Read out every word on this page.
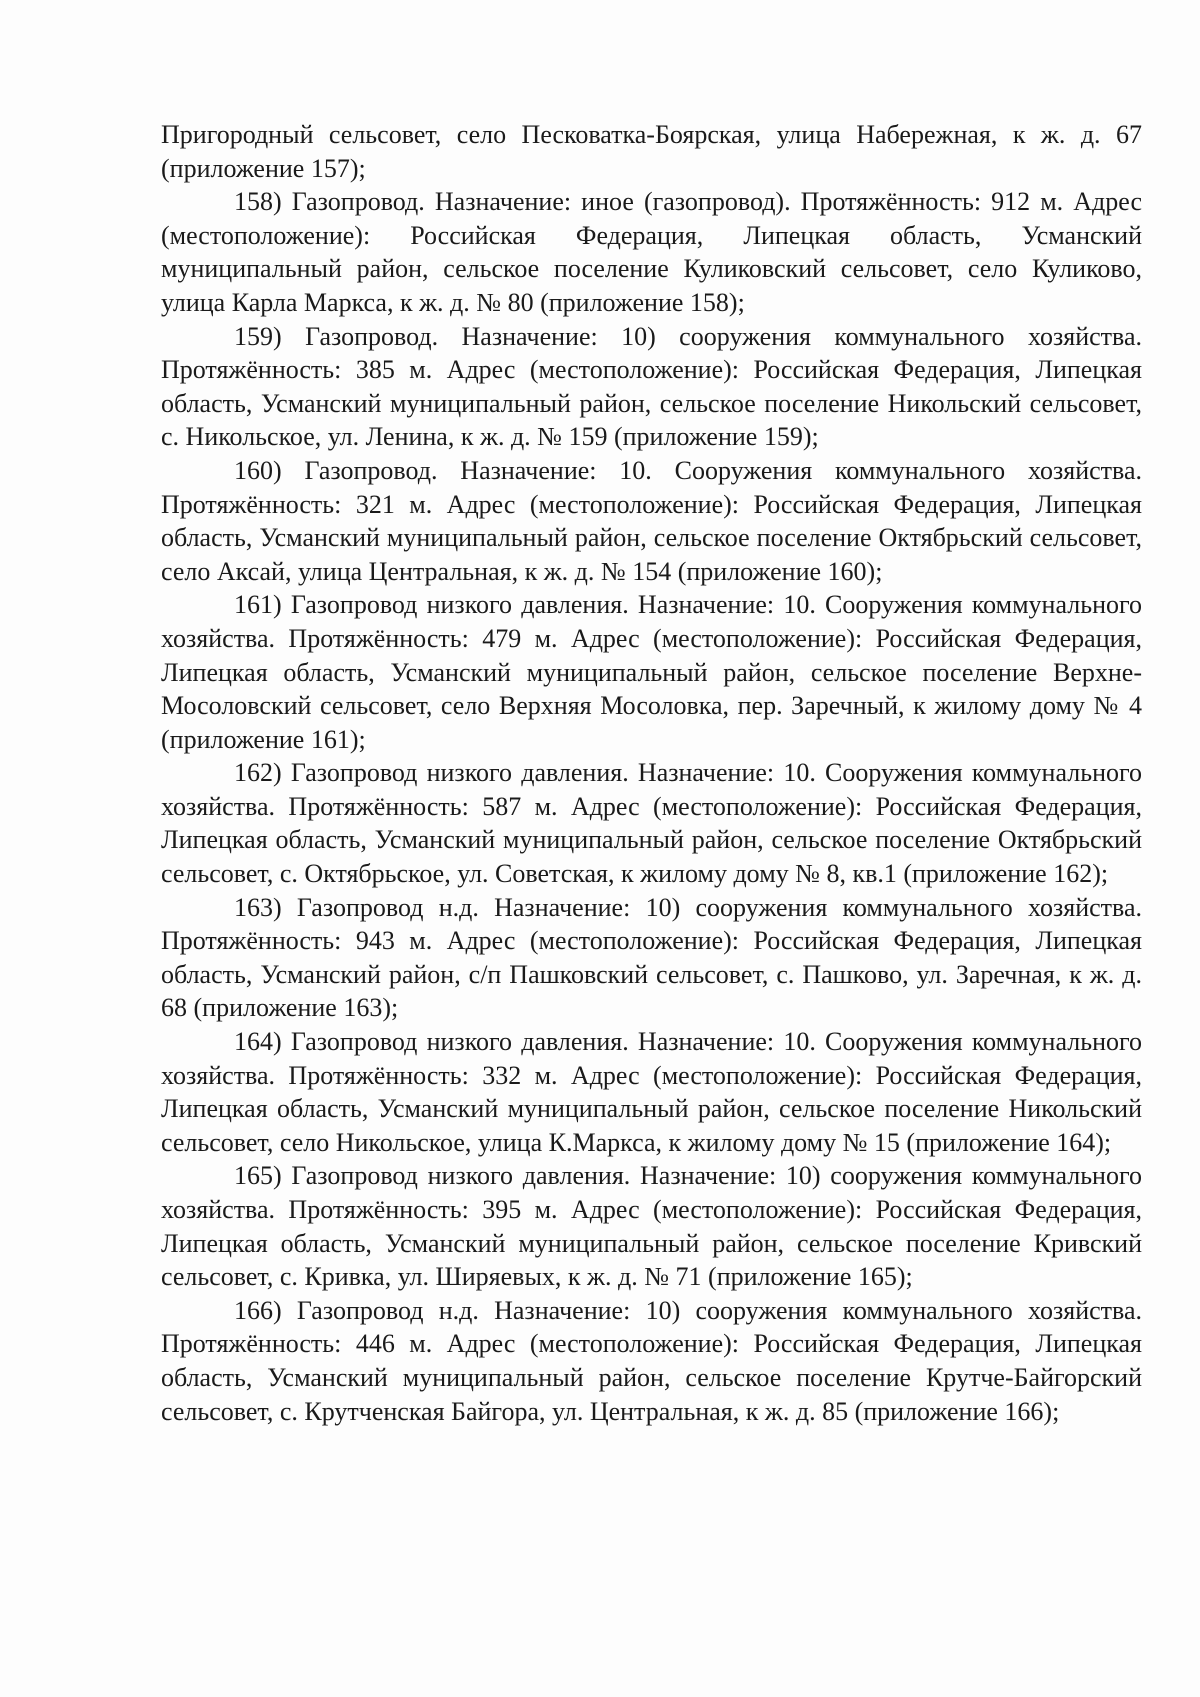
Пригородный сельсовет, село Песковатка-Боярская, улица Набережная, к ж. д. 67 (приложение 157);

158) Газопровод. Назначение: иное (газопровод). Протяжённость: 912 м. Адрес (местоположение): Российская Федерация, Липецкая область, Усманский муниципальный район, сельское поселение Куликовский сельсовет, село Куликово, улица Карла Маркса, к ж. д. № 80 (приложение 158);

159) Газопровод. Назначение: 10) сооружения коммунального хозяйства. Протяжённость: 385 м. Адрес (местоположение): Российская Федерация, Липецкая область, Усманский муниципальный район, сельское поселение Никольский сельсовет, с. Никольское, ул. Ленина, к ж. д. № 159 (приложение 159);

160) Газопровод. Назначение: 10. Сооружения коммунального хозяйства. Протяжённость: 321 м. Адрес (местоположение): Российская Федерация, Липецкая область, Усманский муниципальный район, сельское поселение Октябрьский сельсовет, село Аксай, улица Центральная, к ж. д. № 154 (приложение 160);

161) Газопровод низкого давления. Назначение: 10. Сооружения коммунального хозяйства. Протяжённость: 479 м. Адрес (местоположение): Российская Федерация, Липецкая область, Усманский муниципальный район, сельское поселение Верхне-Мосоловский сельсовет, село Верхняя Мосоловка, пер. Заречный, к жилому дому № 4 (приложение 161);

162) Газопровод низкого давления. Назначение: 10. Сооружения коммунального хозяйства. Протяжённость: 587 м. Адрес (местоположение): Российская Федерация, Липецкая область, Усманский муниципальный район, сельское поселение Октябрьский сельсовет, с. Октябрьское, ул. Советская, к жилому дому № 8, кв.1 (приложение 162);

163) Газопровод н.д. Назначение: 10) сооружения коммунального хозяйства. Протяжённость: 943 м. Адрес (местоположение): Российская Федерация, Липецкая область, Усманский район, с/п Пашковский сельсовет, с. Пашково, ул. Заречная, к ж. д. 68 (приложение 163);

164) Газопровод низкого давления. Назначение: 10. Сооружения коммунального хозяйства. Протяжённость: 332 м. Адрес (местоположение): Российская Федерация, Липецкая область, Усманский муниципальный район, сельское поселение Никольский сельсовет, село Никольское, улица К.Маркса, к жилому дому № 15 (приложение 164);

165) Газопровод низкого давления. Назначение: 10) сооружения коммунального хозяйства. Протяжённость: 395 м. Адрес (местоположение): Российская Федерация, Липецкая область, Усманский муниципальный район, сельское поселение Кривский сельсовет, с. Кривка, ул. Ширяевых, к ж. д. № 71 (приложение 165);

166) Газопровод н.д. Назначение: 10) сооружения коммунального хозяйства. Протяжённость: 446 м. Адрес (местоположение): Российская Федерация, Липецкая область, Усманский муниципальный район, сельское поселение Крутче-Байгорский сельсовет, с. Крутченская Байгора, ул. Центральная, к ж. д. 85 (приложение 166);
